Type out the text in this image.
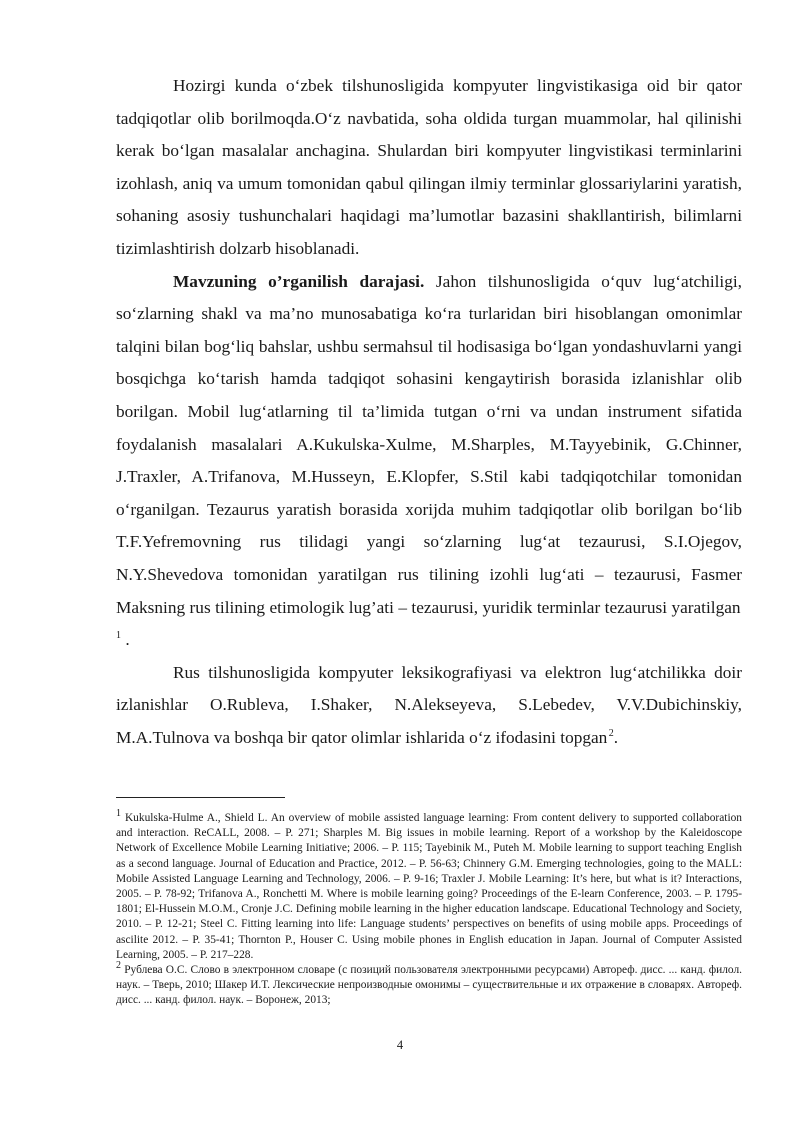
Hozirgi kunda o‘zbek tilshunosligida kompyuter lingvistikasiga oid bir qator tadqiqotlar olib borilmoqda.O‘z navbatida, soha oldida turgan muammolar, hal qilinishi kerak bo‘lgan masalalar anchagina. Shulardan biri kompyuter lingvistikasi terminlarini izohlash, aniq va umum tomonidan qabul qilingan ilmiy terminlar glossariylarini yaratish, sohaning asosiy tushunchalari haqidagi ma’lumotlar bazasini shakllantirish, bilimlarni tizimlashtirish dolzarb hisoblanadi.

Mavzuning o’rganilish darajasi. Jahon tilshunosligida o‘quv lug‘atchiligi, so‘zlarning shakl va ma’no munosabatiga ko‘ra turlaridan biri hisoblangan omonimlar talqini bilan bog‘liq bahslar, ushbu sermahsul til hodisasiga bo‘lgan yondashuvlarni yangi bosqichga ko‘tarish hamda tadqiqot sohasini kengaytirish borasida izlanishlar olib borilgan. Mobil lug‘atlarning til ta’limida tutgan o‘rni va undan instrument sifatida foydalanish masalalari A.Kukulska-Xulme, M.Sharples, M.Tayyebinik, G.Chinner, J.Traxler, A.Trifanova, M.Husseyn, E.Klopfer, S.Stil kabi tadqiqotchilar tomonidan o‘rganilgan. Tezaurus yaratish borasida xorijda muhim tadqiqotlar olib borilgan bo‘lib T.F.Yefremovning rus tilidagi yangi so‘zlarning lug‘at tezaurusi, S.I.Ojegov, N.Y.Shevedova tomonidan yaratilgan rus tilining izohli lug‘ati – tezaurusi, Fasmer Maksning rus tilining etimologik lug’ati – tezaurusi, yuridik terminlar tezaurusi yaratilgan $^1$ .

Rus tilshunosligida kompyuter leksikografiyasi va elektron lug‘atchilikka doir izlanishlar O.Rubleva, I.Shaker, N.Alekseyeva, S.Lebedev, V.V.Dubichinskiy, M.A.Tulnova va boshqa bir qator olimlar ishlarida o‘z ifodasini topgan $^2$.

$^1$ Kukulska-Hulme A., Shield L. An overview of mobile assisted language learning: From content delivery to supported collaboration and interaction. ReCALL, 2008. – P. 271; Sharples M. Big issues in mobile learning. Report of a workshop by the Kaleidoscope Network of Excellence Mobile Learning Initiative; 2006. – P. 115; Tayebinik M., Puteh M. Mobile learning to support teaching English as a second language. Journal of Education and Practice, 2012. – P. 56-63; Chinnery G.M. Emerging technologies, going to the MALL: Mobile Assisted Language Learning and Technology, 2006. – P. 9-16; Traxler J. Mobile Learning: It’s here, but what is it? Interactions, 2005. – P. 78-92; Trifanova A., Ronchetti M. Where is mobile learning going? Proceedings of the E-learn Conference, 2003. – P. 1795-1801; El-Hussein M.O.M., Cronje J.C. Defining mobile learning in the higher education landscape. Educational Technology and Society, 2010. – P. 12-21; Steel C. Fitting learning into life: Language students’ perspectives on benefits of using mobile apps. Proceedings of ascilite 2012. – P. 35-41; Thornton P., Houser C. Using mobile phones in English education in Japan. Journal of Computer Assisted Learning, 2005. – P. 217–228.

$^2$ Рублева О.С. Слово в электронном словаре (с позиций пользователя электронными ресурсами) Автореф. дисс. ... канд. филол. наук. – Тверь, 2010; Шакер И.Т. Лексические непроизводные омонимы – существительные и их отражение в словарях. Автореф. дисс. ... канд. филол. наук. – Воронеж, 2013;

4
